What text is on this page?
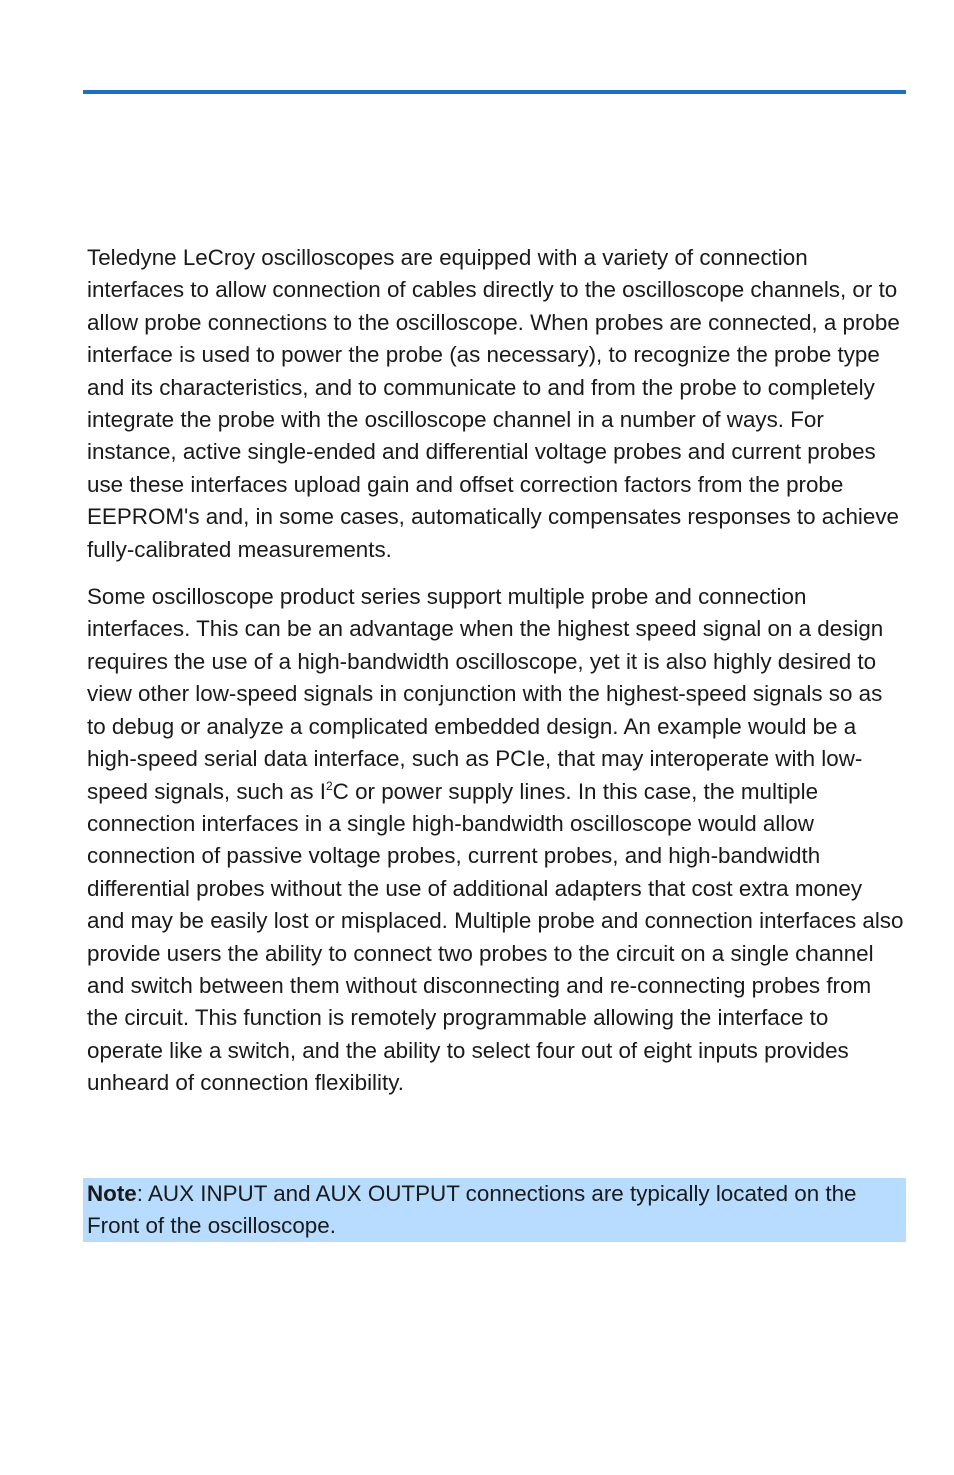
Teledyne LeCroy oscilloscopes are equipped with a variety of connection interfaces to allow connection of cables directly to the oscilloscope channels, or to allow probe connections to the oscilloscope. When probes are connected, a probe interface is used to power the probe (as necessary), to recognize the probe type and its characteristics, and to communicate to and from the probe to completely integrate the probe with the oscilloscope channel in a number of ways. For instance, active single-ended and differential voltage probes and current probes use these interfaces upload gain and offset correction factors from the probe EEPROM's and, in some cases, automatically compensates responses to achieve fully-calibrated measurements.

Some oscilloscope product series support multiple probe and connection interfaces. This can be an advantage when the highest speed signal on a design requires the use of a high-bandwidth oscilloscope, yet it is also highly desired to view other low-speed signals in conjunction with the highest-speed signals so as to debug or analyze a complicated embedded design. An example would be a high-speed serial data interface, such as PCIe, that may interoperate with low-speed signals, such as $I^2C$ or power supply lines. In this case, the multiple connection interfaces in a single high-bandwidth oscilloscope would allow connection of passive voltage probes, current probes, and high-bandwidth differential probes without the use of additional adapters that cost extra money and may be easily lost or misplaced. Multiple probe and connection interfaces also provide users the ability to connect two probes to the circuit on a single channel and switch between them without disconnecting and re-connecting probes from the circuit. This function is remotely programmable allowing the interface to operate like a switch, and the ability to select four out of eight inputs provides unheard of connection flexibility.

Note: AUX INPUT and AUX OUTPUT connections are typically located on the Front of the oscilloscope.
